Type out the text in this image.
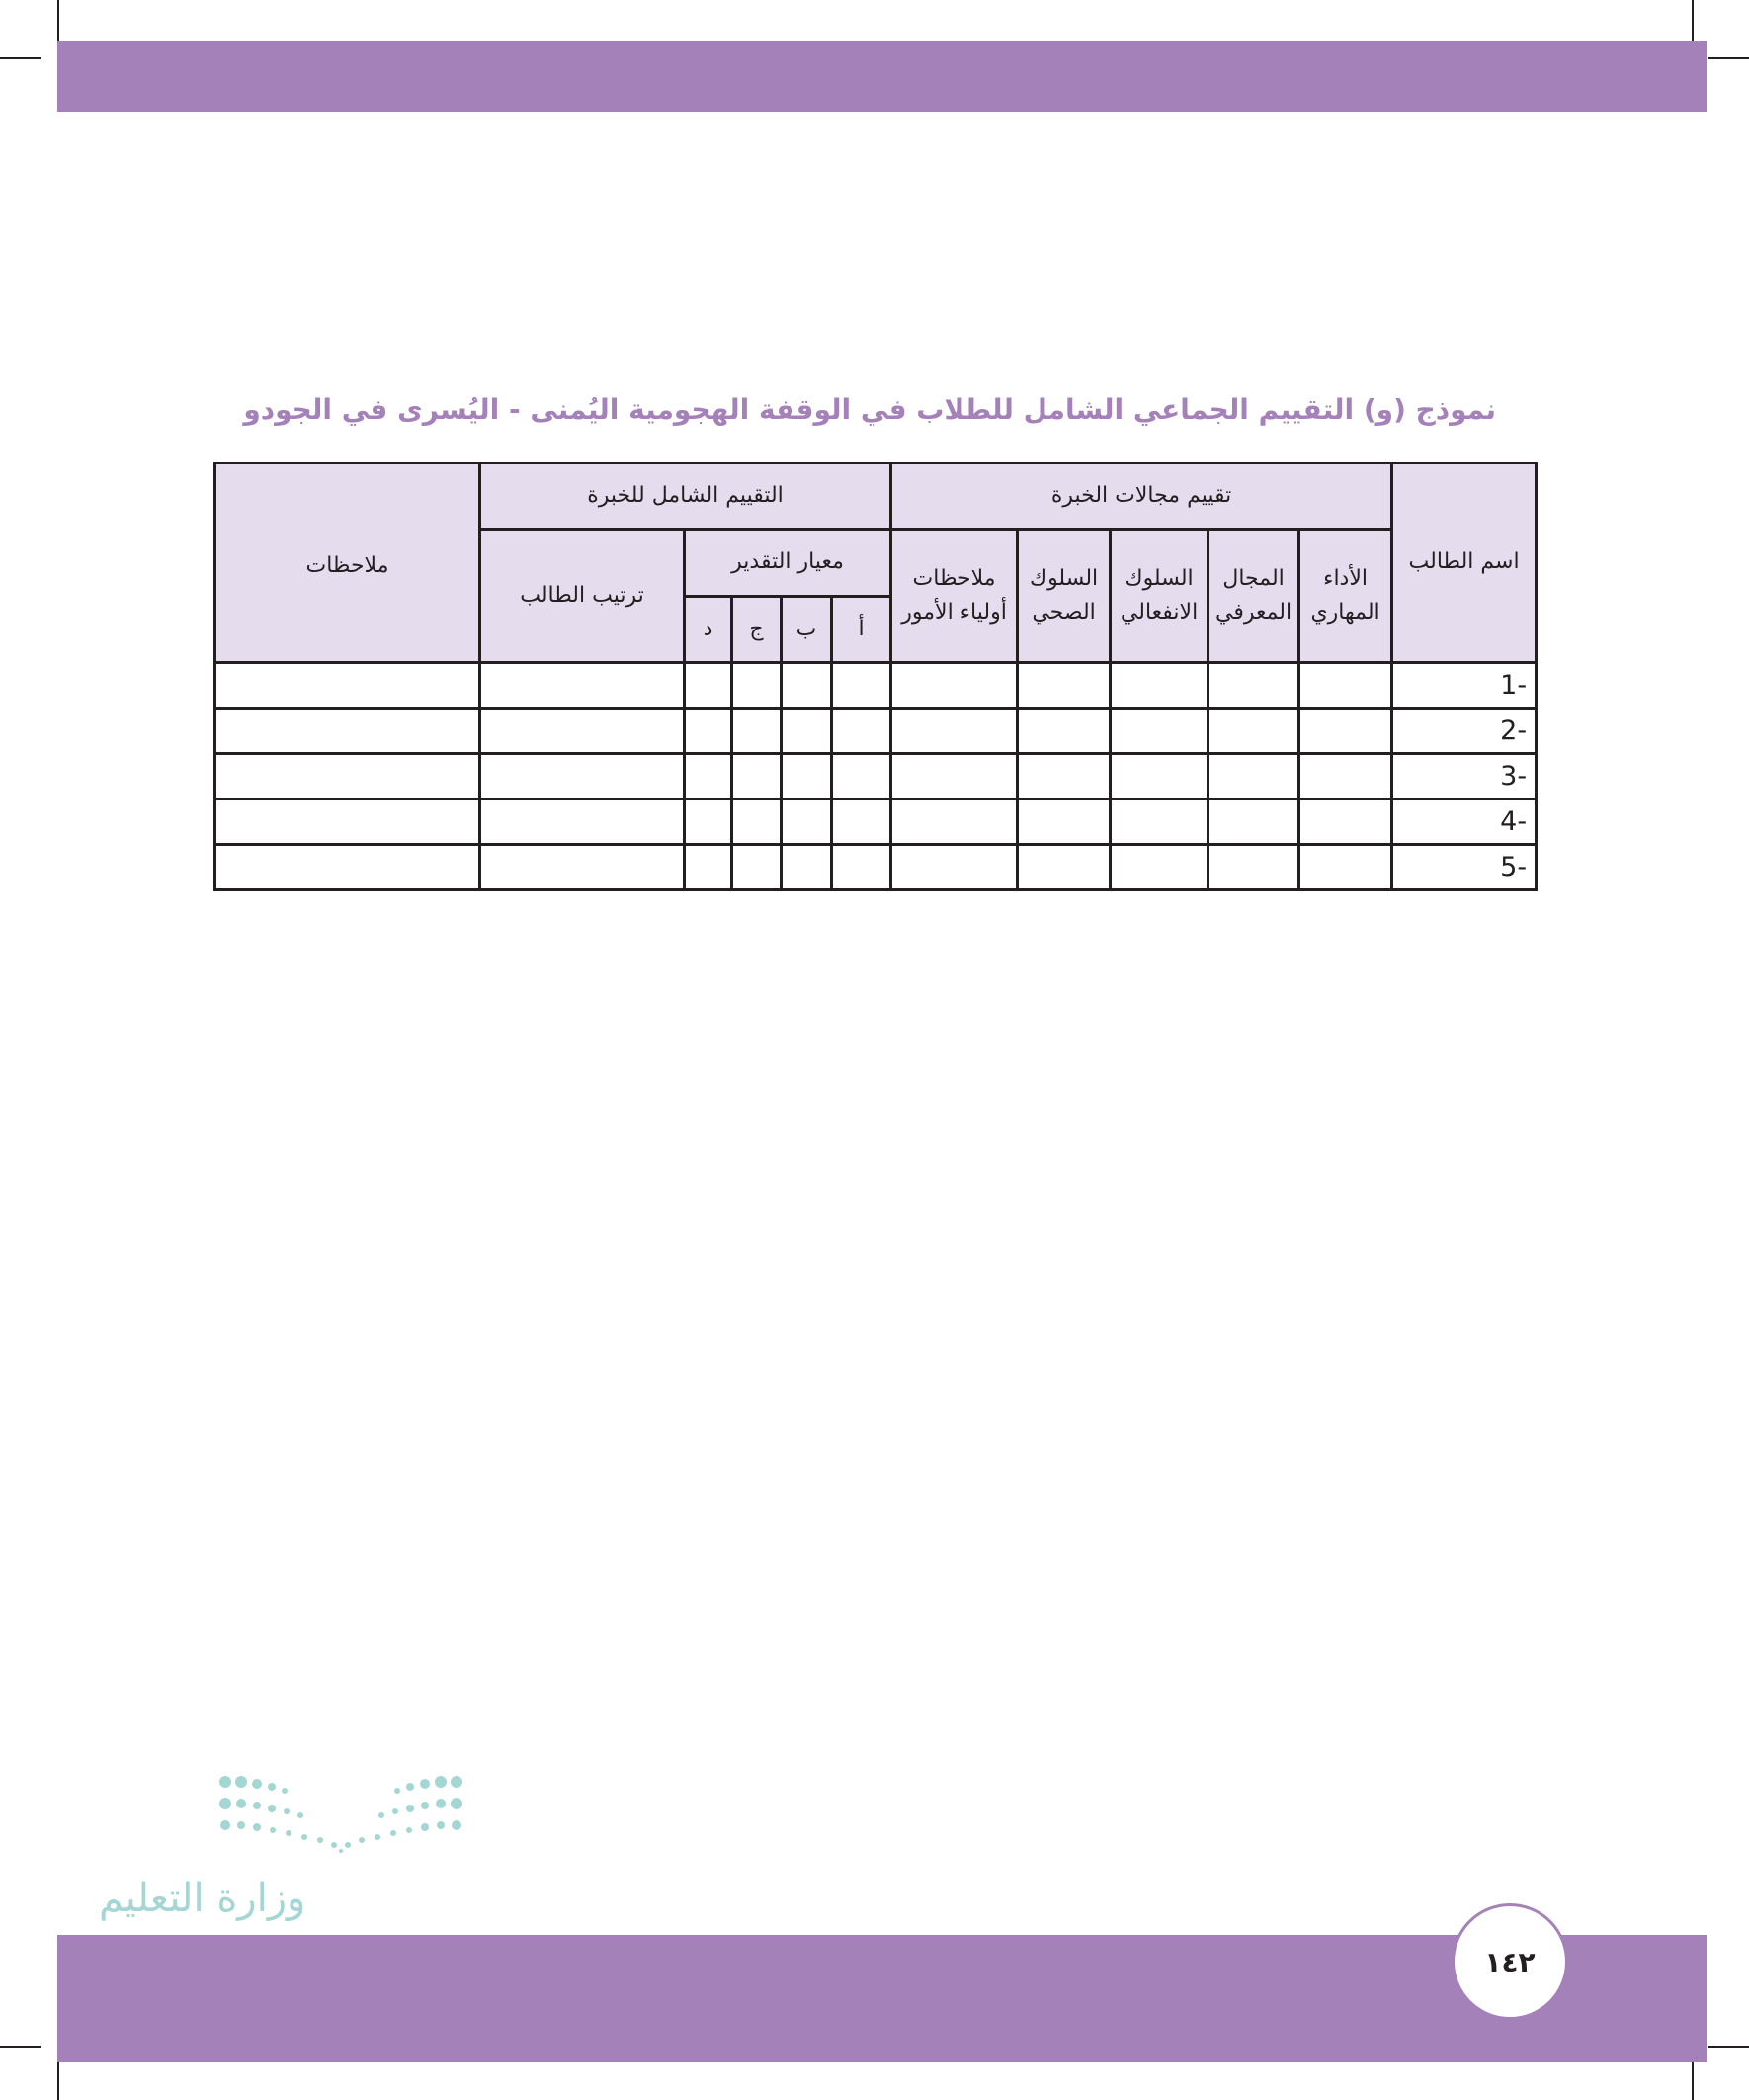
نموذج (و) التقييم الجماعي الشامل للطلاب في الوقفة الهجومية اليُمنى - اليُسرى في الجودو
اسم الطالب	تقييم مجالات الخبرة					التقييم الشامل للخبرة					ملاحظات
	الأداء المهاري	المجال المعرفي	السلوك الانفعالي	السلوك الصحي	ملاحظات أولياء الأمور	معيار التقدير				ترتيب الطالب	
						أ	ب	ج	د		
1-											
2-											
3-											
4-											
5-											

وزارة التعليم

١٤٢
